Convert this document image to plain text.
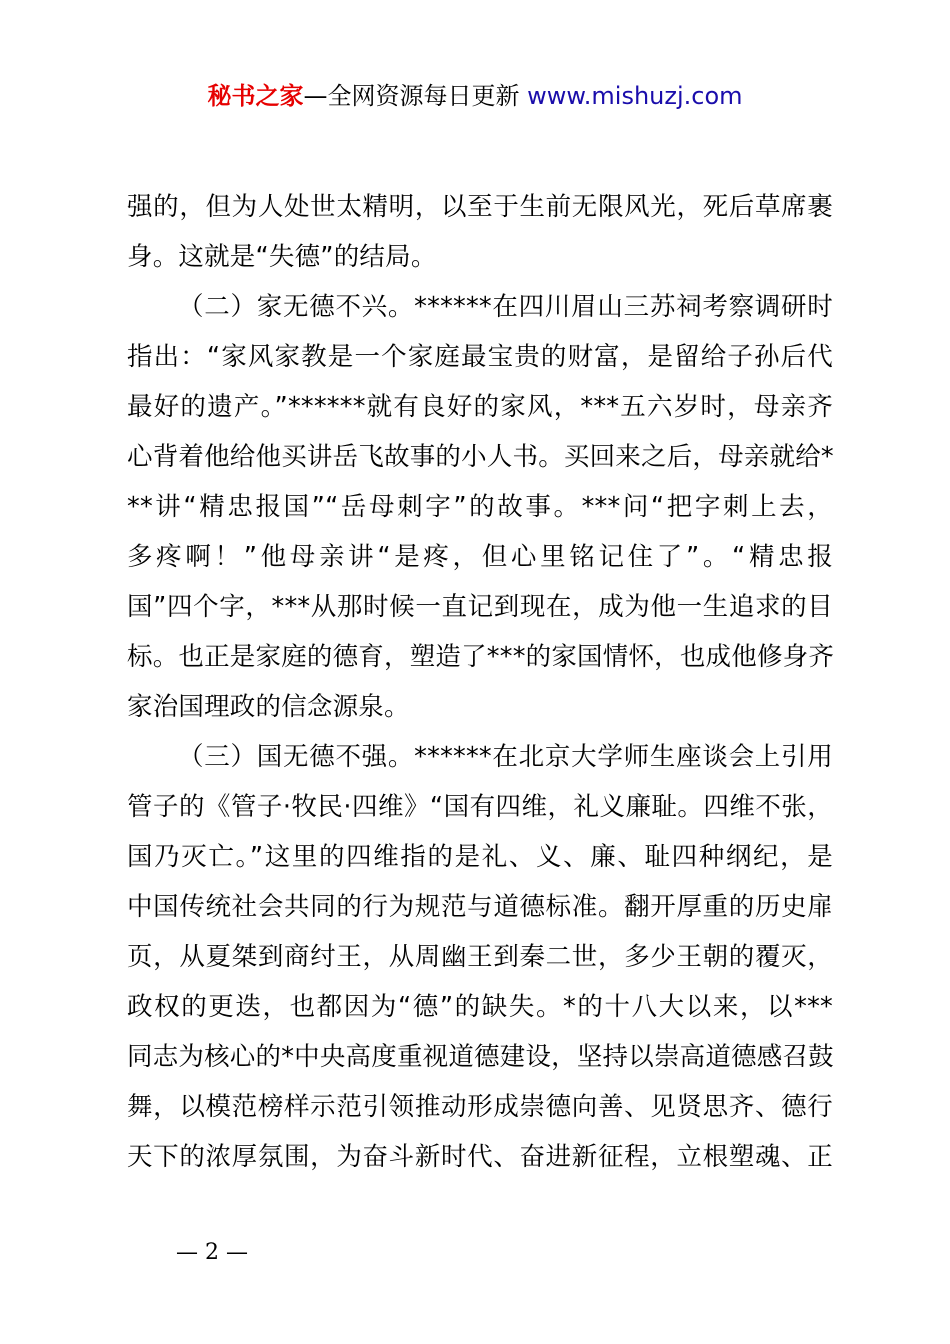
秘书之家—全网资源每日更新 www.mishuzj.com
强的，但为人处世太精明，以至于生前无限风光，死后草席裹
身。这就是“失德”的结局。
（二）家无德不兴。******在四川眉山三苏祠考察调研时
指出：“家风家教是一个家庭最宝贵的财富，是留给子孙后代
最好的遗产。”******就有良好的家风，***五六岁时，母亲齐
心背着他给他买讲岳飞故事的小人书。买回来之后，母亲就给*
**讲“精忠报国”“岳母刺字”的故事。***问“把字刺上去，
多疼啊！”他母亲讲“是疼，但心里铭记住了”。“精忠报
国”四个字，***从那时候一直记到现在，成为他一生追求的目
标。也正是家庭的德育，塑造了***的家国情怀，也成他修身齐
家治国理政的信念源泉。
（三）国无德不强。******在北京大学师生座谈会上引用
管子的《管子·牧民·四维》“国有四维，礼义廉耻。四维不张，
国乃灭亡。”这里的四维指的是礼、义、廉、耻四种纲纪，是
中国传统社会共同的行为规范与道德标准。翻开厚重的历史扉
页，从夏桀到商纣王，从周幽王到秦二世，多少王朝的覆灭，
政权的更迭，也都因为“德”的缺失。*的十八大以来，以***
同志为核心的*中央高度重视道德建设，坚持以崇高道德感召鼓
舞，以模范榜样示范引领推动形成崇德向善、见贤思齐、德行
天下的浓厚氛围，为奋斗新时代、奋进新征程，立根塑魂、正
— 2 —
